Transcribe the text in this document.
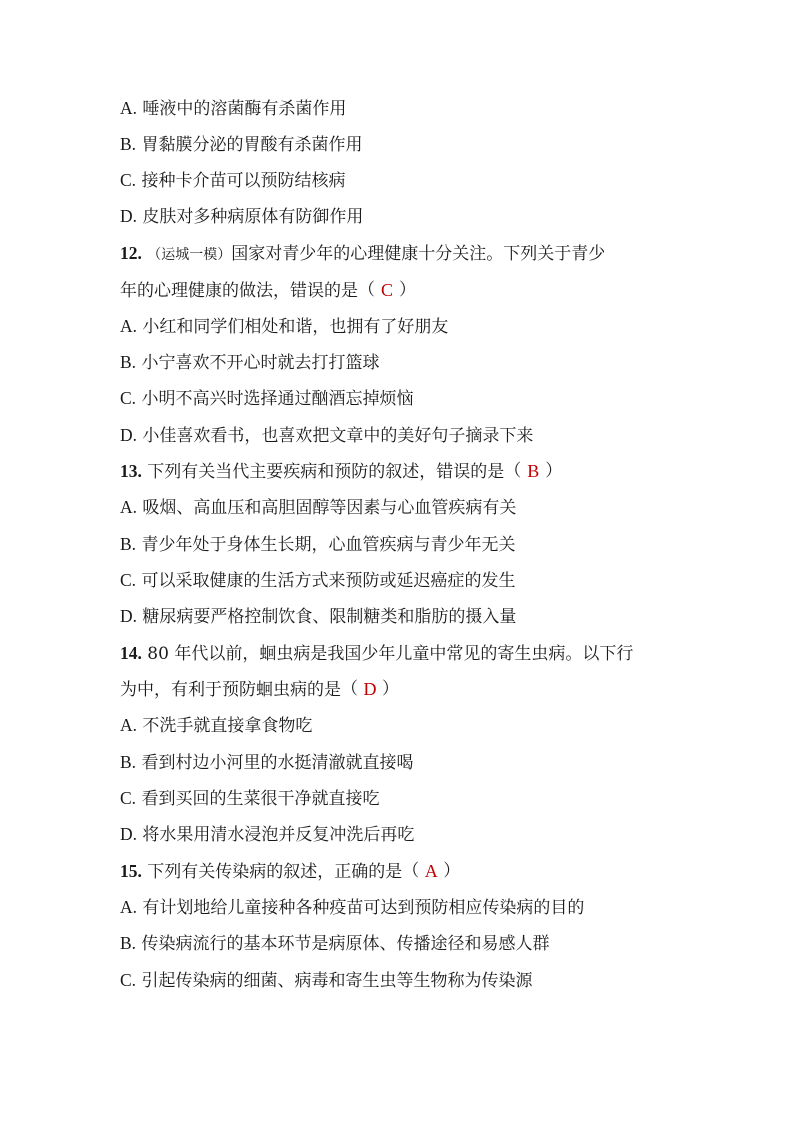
A. 唾液中的溶菌酶有杀菌作用
B. 胃黏膜分泌的胃酸有杀菌作用
C. 接种卡介苗可以预防结核病
D. 皮肤对多种病原体有防御作用
12. （运城一模）国家对青少年的心理健康十分关注。下列关于青少
年的心理健康的做法，错误的是 （ C ）
A. 小红和同学们相处和谐，也拥有了好朋友
B. 小宁喜欢不开心时就去打打篮球
C. 小明不高兴时选择通过酗酒忘掉烦恼
D. 小佳喜欢看书，也喜欢把文章中的美好句子摘录下来
13. 下列有关当代主要疾病和预防的叙述，错误的是 （ B ）
A. 吸烟、高血压和高胆固醇等因素与心血管疾病有关
B. 青少年处于身体生长期，心血管疾病与青少年无关
C. 可以采取健康的生活方式来预防或延迟癌症的发生
D. 糖尿病要严格控制饮食、限制糖类和脂肪的摄入量
14. 80 年代以前，蛔虫病是我国少年儿童中常见的寄生虫病。以下行
为中，有利于预防蛔虫病的是 （ D ）
A. 不洗手就直接拿食物吃
B. 看到村边小河里的水挺清澈就直接喝
C. 看到买回的生菜很干净就直接吃
D. 将水果用清水浸泡并反复冲洗后再吃
15. 下列有关传染病的叙述，正确的是 （ A ）
A. 有计划地给儿童接种各种疫苗可达到预防相应传染病的目的
B. 传染病流行的基本环节是病原体、传播途径和易感人群
C. 引起传染病的细菌、病毒和寄生虫等生物称为传染源
